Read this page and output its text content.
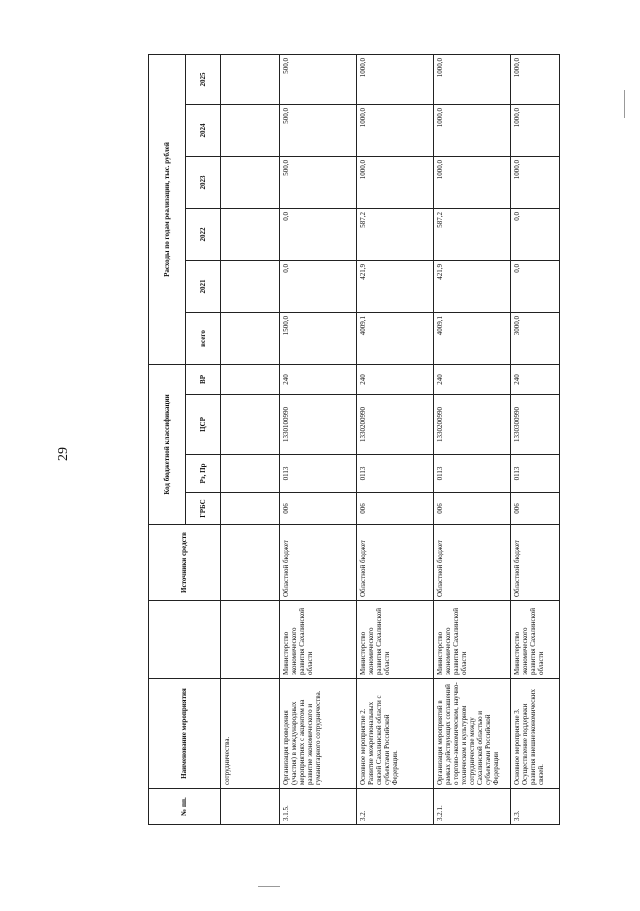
29
№ пп.	Наименование мероприятия		Источники средств	Код бюджетной классификации				Расходы по годам реализации, тыс. рублей					
				ГРБС	Рз, Пр	ЦСР	ВР	всего	2021	2022	2023	2024	2025
	сотрудничества.												
3.1.5.	Организация проведения (участия) в международных мероприятиях с акцентом на развитие экономического и гуманитарного сотрудничества.	Министерство экономического развития Сахалинской области	Областной бюджет	006	0113	1330100990	240	1500,0	0,0	0,0	500,0	500,0	500,0
3.2.	Основное мероприятие 2. Развитие межрегиональных связей Сахалинской области с субъектами Российской Федерации.	Министерство экономического развития Сахалинской области	Областной бюджет	006	0113	1330200990	240	4009,1	421,9	587,2	1000,0	1000,0	1000,0
3.2.1.	Организация мероприятий в рамках действующих соглашений о торгово-экономическом, научно-техническом и культурном сотрудничестве между Сахалинской областью и субъектами Российской Федерации	Министерство экономического развития Сахалинской области	Областной бюджет	006	0113	1330200990	240	4009,1	421,9	587,2	1000,0	1000,0	1000,0
3.3.	Основное мероприятие 3. Осуществление поддержки развития внешнеэкономических связей.	Министерство экономического развития Сахалинской области	Областной бюджет	006	0113	1330300990	240	3000,0	0,0	0,0	1000,0	1000,0	1000,0
